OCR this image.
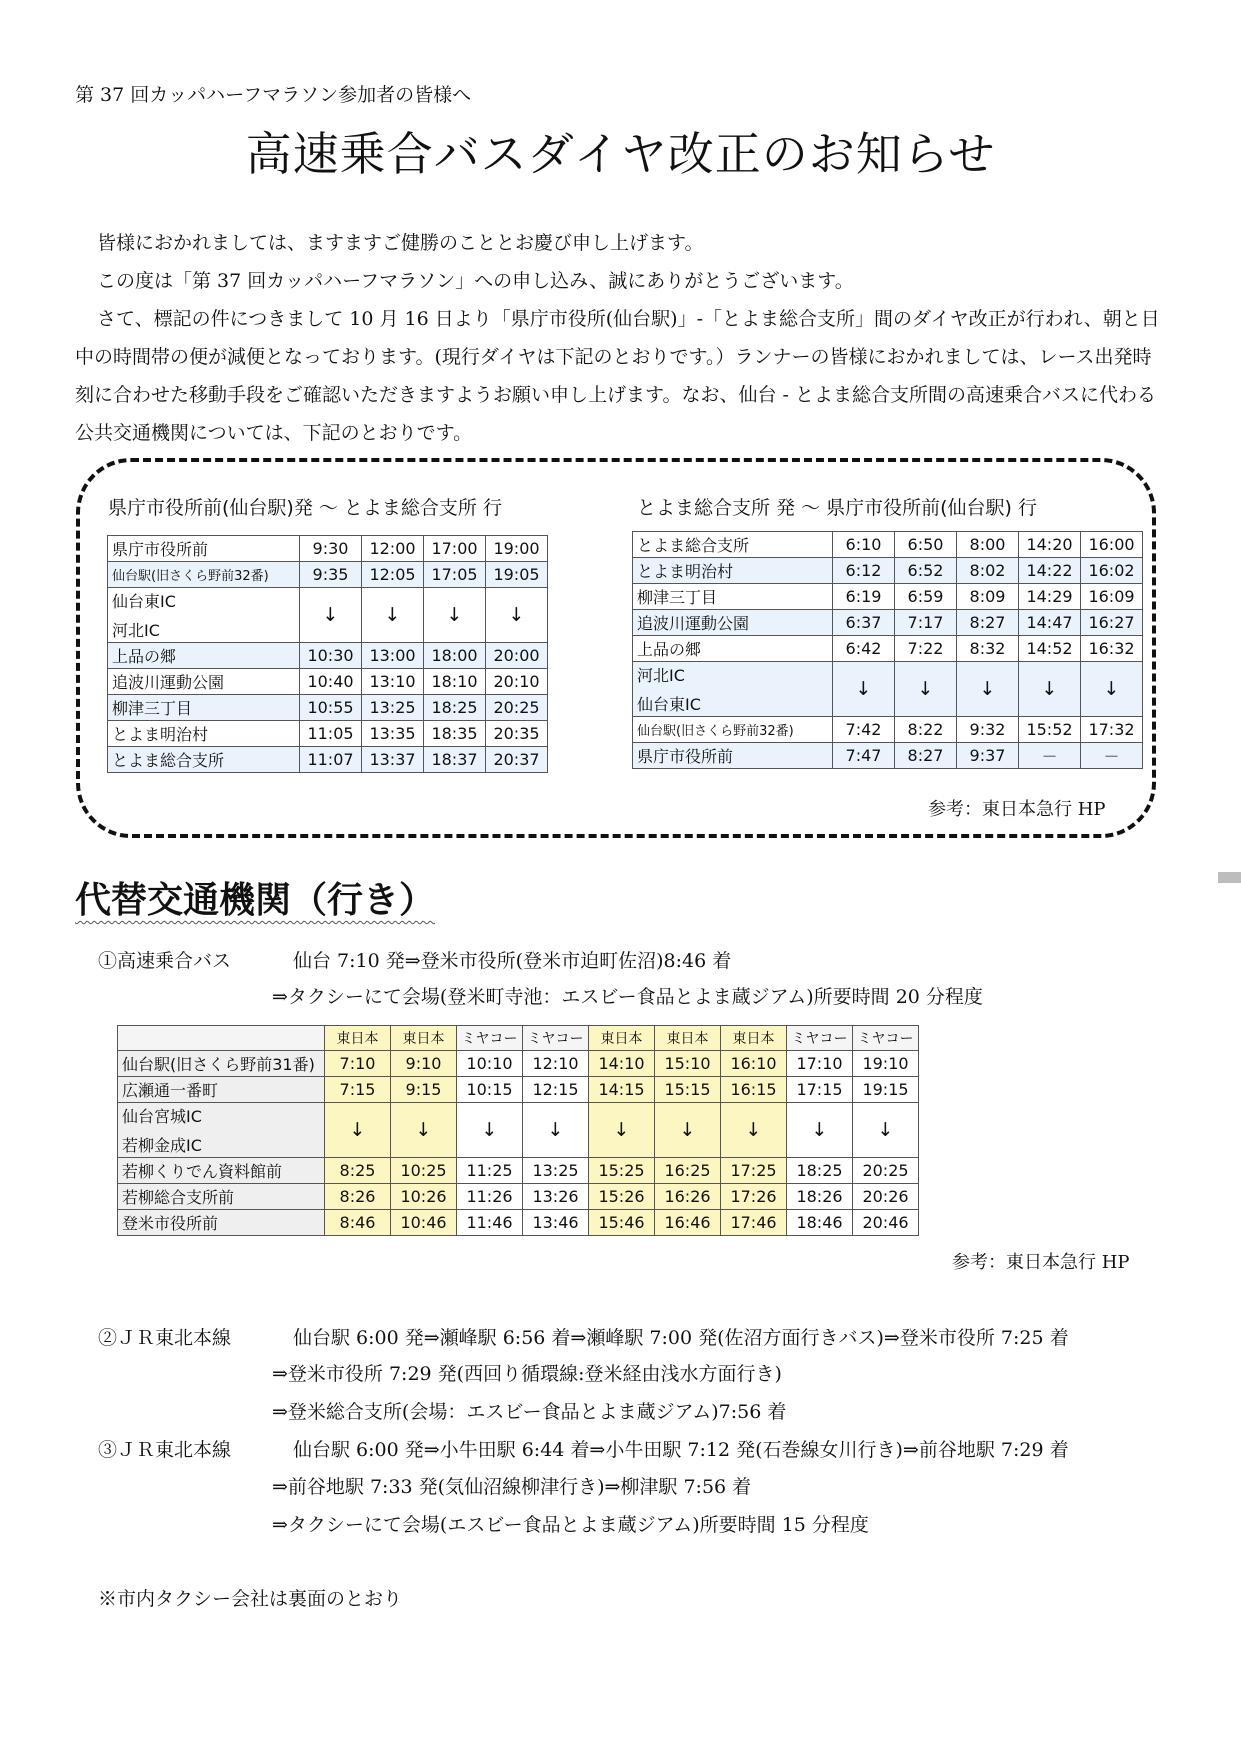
第 37 回カッパハーフマラソン参加者の皆様へ
高速乗合バスダイヤ改正のお知らせ

皆様におかれましては、ますますご健勝のこととお慶び申し上げます。

この度は「第 37 回カッパハーフマラソン」への申し込み、誠にありがとうございます。

さて、標記の件につきまして 10 月 16 日より「県庁市役所(仙台駅)」-「とよま総合支所」間のダイヤ改正が行われ、朝と日中の時間帯の便が減便となっております。(現行ダイヤは下記のとおりです。）ランナーの皆様におかれましては、レース出発時刻に合わせた移動手段をご確認いただきますようお願い申し上げます。なお、仙台 - とよま総合支所間の高速乗合バスに代わる公共交通機関については、下記のとおりです。

県庁市役所前(仙台駅)発 ～ とよま総合支所 行
県庁市役所前	9:30	12:00	17:00	19:00
仙台駅(旧さくら野前32番)	9:35	12:05	17:05	19:05

仙台東IC
河北IC	↓	↓	↓	↓
上品の郷	10:30	13:00	18:00	20:00
追波川運動公園	10:40	13:10	18:10	20:10
柳津三丁目	10:55	13:25	18:25	20:25
とよま明治村	11:05	13:35	18:35	20:35
とよま総合支所	11:07	13:37	18:37	20:37
とよま総合支所 発 ～ 県庁市役所前(仙台駅) 行
とよま総合支所	6:10	6:50	8:00	14:20	16:00
とよま明治村	6:12	6:52	8:02	14:22	16:02
柳津三丁目	6:19	6:59	8:09	14:29	16:09
追波川運動公園	6:37	7:17	8:27	14:47	16:27
上品の郷	6:42	7:22	8:32	14:52	16:32

河北IC
仙台東IC	↓	↓	↓	↓	↓
仙台駅(旧さくら野前32番)	7:42	8:22	9:32	15:52	17:32
県庁市役所前	7:47	8:27	9:37	－	－
参考：東日本急行 HP
代替交通機関（行き）
①高速乗合バス	仙台 7:10 発⇒登米市役所(登米市迫町佐沼)8:46 着
⇒タクシーにて会場(登米町寺池：エスビー食品とよま蔵ジアム)所要時間 20 分程度
	東日本	東日本	ミヤコー	ミヤコー	東日本	東日本	東日本	ミヤコー	ミヤコー
仙台駅(旧さくら野前31番)	7:10	9:10	10:10	12:10	14:10	15:10	16:10	17:10	19:10
広瀬通一番町	7:15	9:15	10:15	12:15	14:15	15:15	16:15	17:15	19:15

仙台宮城IC
若柳金成IC	↓	↓	↓	↓	↓	↓	↓	↓	↓
若柳くりでん資料館前	8:25	10:25	11:25	13:25	15:25	16:25	17:25	18:25	20:25
若柳総合支所前	8:26	10:26	11:26	13:26	15:26	16:26	17:26	18:26	20:26
登米市役所前	8:46	10:46	11:46	13:46	15:46	16:46	17:46	18:46	20:46
参考：東日本急行 HP
②ＪＲ東北本線	仙台駅 6:00 発⇒瀬峰駅 6:56 着⇒瀬峰駅 7:00 発(佐沼方面行きバス)⇒登米市役所 7:25 着
⇒登米市役所 7:29 発(西回り循環線:登米経由浅水方面行き)
⇒登米総合支所(会場：エスビー食品とよま蔵ジアム)7:56 着
③ＪＲ東北本線	仙台駅 6:00 発⇒小牛田駅 6:44 着⇒小牛田駅 7:12 発(石巻線女川行き)⇒前谷地駅 7:29 着
⇒前谷地駅 7:33 発(気仙沼線柳津行き)⇒柳津駅 7:56 着
⇒タクシーにて会場(エスビー食品とよま蔵ジアム)所要時間 15 分程度
※市内タクシー会社は裏面のとおり
